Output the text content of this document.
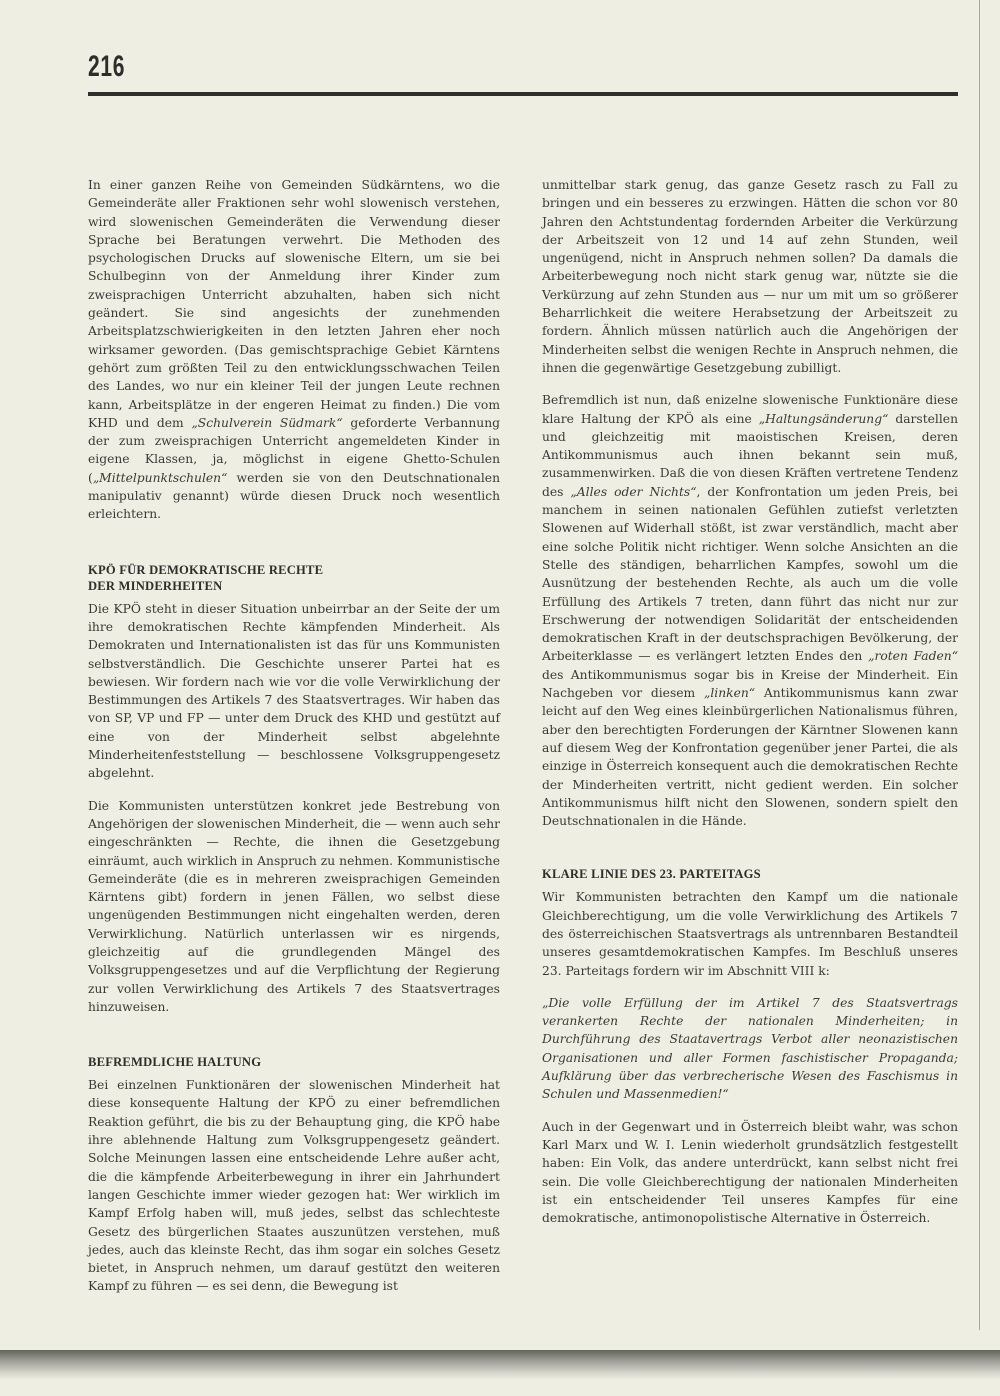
216

In einer ganzen Reihe von Gemeinden Südkärntens, wo die Gemeinderäte aller Fraktionen sehr wohl slowenisch verstehen, wird slowenischen Gemeinderäten die Verwendung dieser Sprache bei Beratungen verwehrt. Die Methoden des psychologischen Drucks auf slowenische Eltern, um sie bei Schulbeginn von der Anmeldung ihrer Kinder zum zweisprachigen Unterricht abzuhalten, haben sich nicht geändert. Sie sind angesichts der zunehmenden Arbeitsplatzschwierigkeiten in den letzten Jahren eher noch wirksamer geworden. (Das gemischtsprachige Gebiet Kärntens gehört zum größten Teil zu den entwicklungsschwachen Teilen des Landes, wo nur ein kleiner Teil der jungen Leute rechnen kann, Arbeitsplätze in der engeren Heimat zu finden.) Die vom KHD und dem „Schulverein Südmark“ geforderte Verbannung der zum zweisprachigen Unterricht angemeldeten Kinder in eigene Klassen, ja, möglichst in eigene Ghetto-Schulen („Mittelpunktschulen“ werden sie von den Deutschnationalen manipulativ genannt) würde diesen Druck noch wesentlich erleichtern.

KPÖ FÜR DEMOKRATISCHE RECHTE
DER MINDERHEITEN

Die KPÖ steht in dieser Situation unbeirrbar an der Seite der um ihre demokratischen Rechte kämpfenden Minderheit. Als Demokraten und Internationalisten ist das für uns Kommunisten selbstverständlich. Die Geschichte unserer Partei hat es bewiesen. Wir fordern nach wie vor die volle Verwirklichung der Bestimmungen des Artikels 7 des Staatsvertrages. Wir haben das von SP, VP und FP — unter dem Druck des KHD und gestützt auf eine von der Minderheit selbst abgelehnte Minderheitenfeststellung — beschlossene Volksgruppengesetz abgelehnt.

Die Kommunisten unterstützen konkret jede Bestrebung von Angehörigen der slowenischen Minderheit, die — wenn auch sehr eingeschränkten — Rechte, die ihnen die Gesetzgebung einräumt, auch wirklich in Anspruch zu nehmen. Kommunistische Gemeinderäte (die es in mehreren zweisprachigen Gemeinden Kärntens gibt) fordern in jenen Fällen, wo selbst diese ungenügenden Bestimmungen nicht eingehalten werden, deren Verwirklichung. Natürlich unterlassen wir es nirgends, gleichzeitig auf die grundlegenden Mängel des Volksgruppengesetzes und auf die Verpflichtung der Regierung zur vollen Verwirklichung des Artikels 7 des Staatsvertrages hinzuweisen.

BEFREMDLICHE HALTUNG

Bei einzelnen Funktionären der slowenischen Minderheit hat diese konsequente Haltung der KPÖ zu einer befremdlichen Reaktion geführt, die bis zu der Behauptung ging, die KPÖ habe ihre ablehnende Haltung zum Volksgruppengesetz geändert. Solche Meinungen lassen eine entscheidende Lehre außer acht, die die kämpfende Arbeiterbewegung in ihrer ein Jahrhundert langen Geschichte immer wieder gezogen hat: Wer wirklich im Kampf Erfolg haben will, muß jedes, selbst das schlechteste Gesetz des bürgerlichen Staates auszunützen verstehen, muß jedes, auch das kleinste Recht, das ihm sogar ein solches Gesetz bietet, in Anspruch nehmen, um darauf gestützt den weiteren Kampf zu führen — es sei denn, die Bewegung ist

unmittelbar stark genug, das ganze Gesetz rasch zu Fall zu bringen und ein besseres zu erzwingen. Hätten die schon vor 80 Jahren den Achtstundentag fordernden Arbeiter die Verkürzung der Arbeitszeit von 12 und 14 auf zehn Stunden, weil ungenügend, nicht in Anspruch nehmen sollen? Da damals die Arbeiterbewegung noch nicht stark genug war, nützte sie die Verkürzung auf zehn Stunden aus — nur um mit um so größerer Beharrlichkeit die weitere Herabsetzung der Arbeitszeit zu fordern. Ähnlich müssen natürlich auch die Angehörigen der Minderheiten selbst die wenigen Rechte in Anspruch nehmen, die ihnen die gegenwärtige Gesetzgebung zubilligt.

Befremdlich ist nun, daß enizelne slowenische Funktionäre diese klare Haltung der KPÖ als eine „Haltungsänderung“ darstellen und gleichzeitig mit maoistischen Kreisen, deren Antikommunismus auch ihnen bekannt sein muß, zusammenwirken. Daß die von diesen Kräften vertretene Tendenz des „Alles oder Nichts“, der Konfrontation um jeden Preis, bei manchem in seinen nationalen Gefühlen zutiefst verletzten Slowenen auf Widerhall stößt, ist zwar verständlich, macht aber eine solche Politik nicht richtiger. Wenn solche Ansichten an die Stelle des ständigen, beharrlichen Kampfes, sowohl um die Ausnützung der bestehenden Rechte, als auch um die volle Erfüllung des Artikels 7 treten, dann führt das nicht nur zur Erschwerung der notwendigen Solidarität der entscheidenden demokratischen Kraft in der deutschsprachigen Bevölkerung, der Arbeiterklasse — es verlängert letzten Endes den „roten Faden“ des Antikommunismus sogar bis in Kreise der Minderheit. Ein Nachgeben vor diesem „linken“ Antikommunismus kann zwar leicht auf den Weg eines kleinbürgerlichen Nationalismus führen, aber den berechtigten Forderungen der Kärntner Slowenen kann auf diesem Weg der Konfrontation gegenüber jener Partei, die als einzige in Österreich konsequent auch die demokratischen Rechte der Minderheiten vertritt, nicht gedient werden. Ein solcher Antikommunismus hilft nicht den Slowenen, sondern spielt den Deutschnationalen in die Hände.

KLARE LINIE DES 23. PARTEITAGS

Wir Kommunisten betrachten den Kampf um die nationale Gleichberechtigung, um die volle Verwirklichung des Artikels 7 des österreichischen Staatsvertrags als untrennbaren Bestandteil unseres gesamtdemokratischen Kampfes. Im Beschluß unseres 23. Parteitags fordern wir im Abschnitt VIII k:

„Die volle Erfüllung der im Artikel 7 des Staatsvertrags verankerten Rechte der nationalen Minderheiten; in Durchführung des Staatavertrags Verbot aller neonazistischen Organisationen und aller Formen faschistischer Propaganda; Aufklärung über das verbrecherische Wesen des Faschismus in Schulen und Massenmedien!“

Auch in der Gegenwart und in Österreich bleibt wahr, was schon Karl Marx und W. I. Lenin wiederholt grundsätzlich festgestellt haben: Ein Volk, das andere unterdrückt, kann selbst nicht frei sein. Die volle Gleichberechtigung der nationalen Minderheiten ist ein entscheidender Teil unseres Kampfes für eine demokratische, antimonopolistische Alternative in Österreich.
